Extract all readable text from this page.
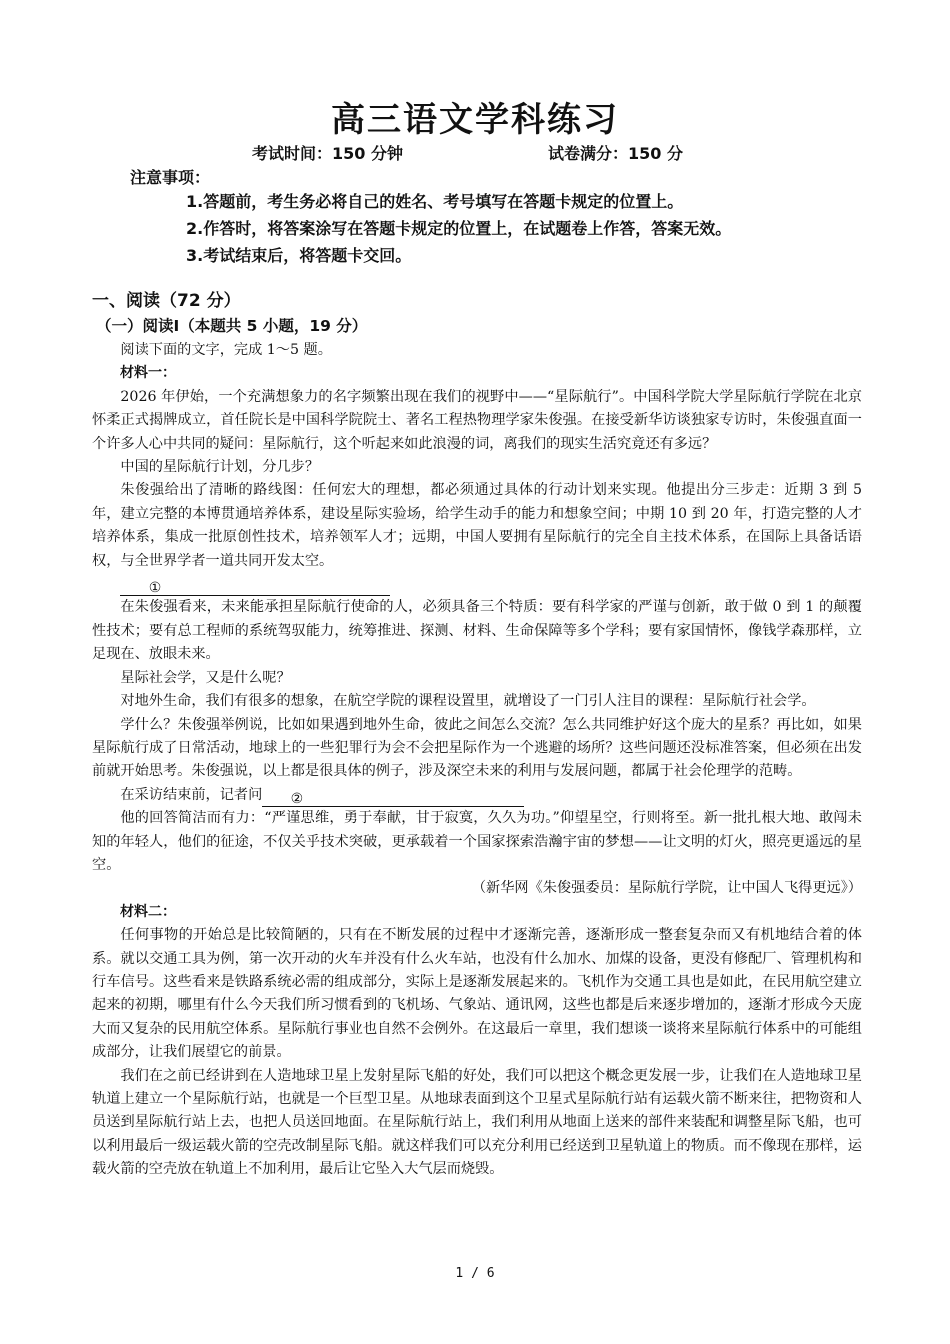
高三语文学科练习
考试时间：150 分钟	试卷满分：150 分
注意事项：
1.答题前，考生务必将自己的姓名、考号填写在答题卡规定的位置上。
2.作答时，将答案涂写在答题卡规定的位置上，在试题卷上作答，答案无效。
3.考试结束后，将答题卡交回。
一、阅读（72 分）
（一）阅读Ⅰ（本题共 5 小题，19 分）

阅读下面的文字，完成 1～5 题。

材料一：

2026 年伊始，一个充满想象力的名字频繁出现在我们的视野中——“星际航行”。中国科学院大学星际航行学院在北京怀柔正式揭牌成立，首任院长是中国科学院院士、著名工程热物理学家朱俊强。在接受新华访谈独家专访时，朱俊强直面一个许多人心中共同的疑问：星际航行，这个听起来如此浪漫的词，离我们的现实生活究竟还有多远？

中国的星际航行计划，分几步？

朱俊强给出了清晰的路线图：任何宏大的理想，都必须通过具体的行动计划来实现。他提出分三步走：近期 3 到 5 年，建立完整的本博贯通培养体系，建设星际实验场，给学生动手的能力和想象空间；中期 10 到 20 年，打造完整的人才培养体系，集成一批原创性技术，培养领军人才；远期，中国人要拥有星际航行的完全自主技术体系，在国际上具备话语权，与全世界学者一道共同开发太空。

①

在朱俊强看来，未来能承担星际航行使命的人，必须具备三个特质：要有科学家的严谨与创新，敢于做 0 到 1 的颠覆性技术；要有总工程师的系统驾驭能力，统筹推进、探测、材料、生命保障等多个学科；要有家国情怀，像钱学森那样，立足现在、放眼未来。

星际社会学，又是什么呢？

对地外生命，我们有很多的想象，在航空学院的课程设置里，就增设了一门引人注目的课程：星际航行社会学。

学什么？朱俊强举例说，比如如果遇到地外生命，彼此之间怎么交流？怎么共同维护好这个庞大的星系？再比如，如果星际航行成了日常活动，地球上的一些犯罪行为会不会把星际作为一个逃避的场所？这些问题还没标准答案，但必须在出发前就开始思考。朱俊强说，以上都是很具体的例子，涉及深空未来的利用与发展问题，都属于社会伦理学的范畴。

在采访结束前，记者问 ②

他的回答简洁而有力：“严谨思维，勇于奉献，甘于寂寞，久久为功。”仰望星空，行则将至。新一批扎根大地、敢闯未知的年轻人，他们的征途，不仅关乎技术突破，更承载着一个国家探索浩瀚宇宙的梦想——让文明的灯火，照亮更遥远的星空。

（新华网《朱俊强委员：星际航行学院，让中国人飞得更远》）

材料二：

任何事物的开始总是比较简陋的，只有在不断发展的过程中才逐渐完善，逐渐形成一整套复杂而又有机地结合着的体系。就以交通工具为例，第一次开动的火车并没有什么火车站，也没有什么加水、加煤的设备，更没有修配厂、管理机构和行车信号。这些看来是铁路系统必需的组成部分，实际上是逐渐发展起来的。飞机作为交通工具也是如此，在民用航空建立起来的初期，哪里有什么今天我们所习惯看到的飞机场、气象站、通讯网，这些也都是后来逐步增加的，逐渐才形成今天庞大而又复杂的民用航空体系。星际航行事业也自然不会例外。在这最后一章里，我们想谈一谈将来星际航行体系中的可能组成部分，让我们展望它的前景。

我们在之前已经讲到在人造地球卫星上发射星际飞船的好处，我们可以把这个概念更发展一步，让我们在人造地球卫星轨道上建立一个星际航行站，也就是一个巨型卫星。从地球表面到这个卫星式星际航行站有运载火箭不断来往，把物资和人员送到星际航行站上去，也把人员送回地面。在星际航行站上，我们利用从地面上送来的部件来装配和调整星际飞船，也可以利用最后一级运载火箭的空壳改制星际飞船。就这样我们可以充分利用已经送到卫星轨道上的物质。而不像现在那样，运载火箭的空壳放在轨道上不加利用，最后让它坠入大气层而烧毁。

1 / 6
